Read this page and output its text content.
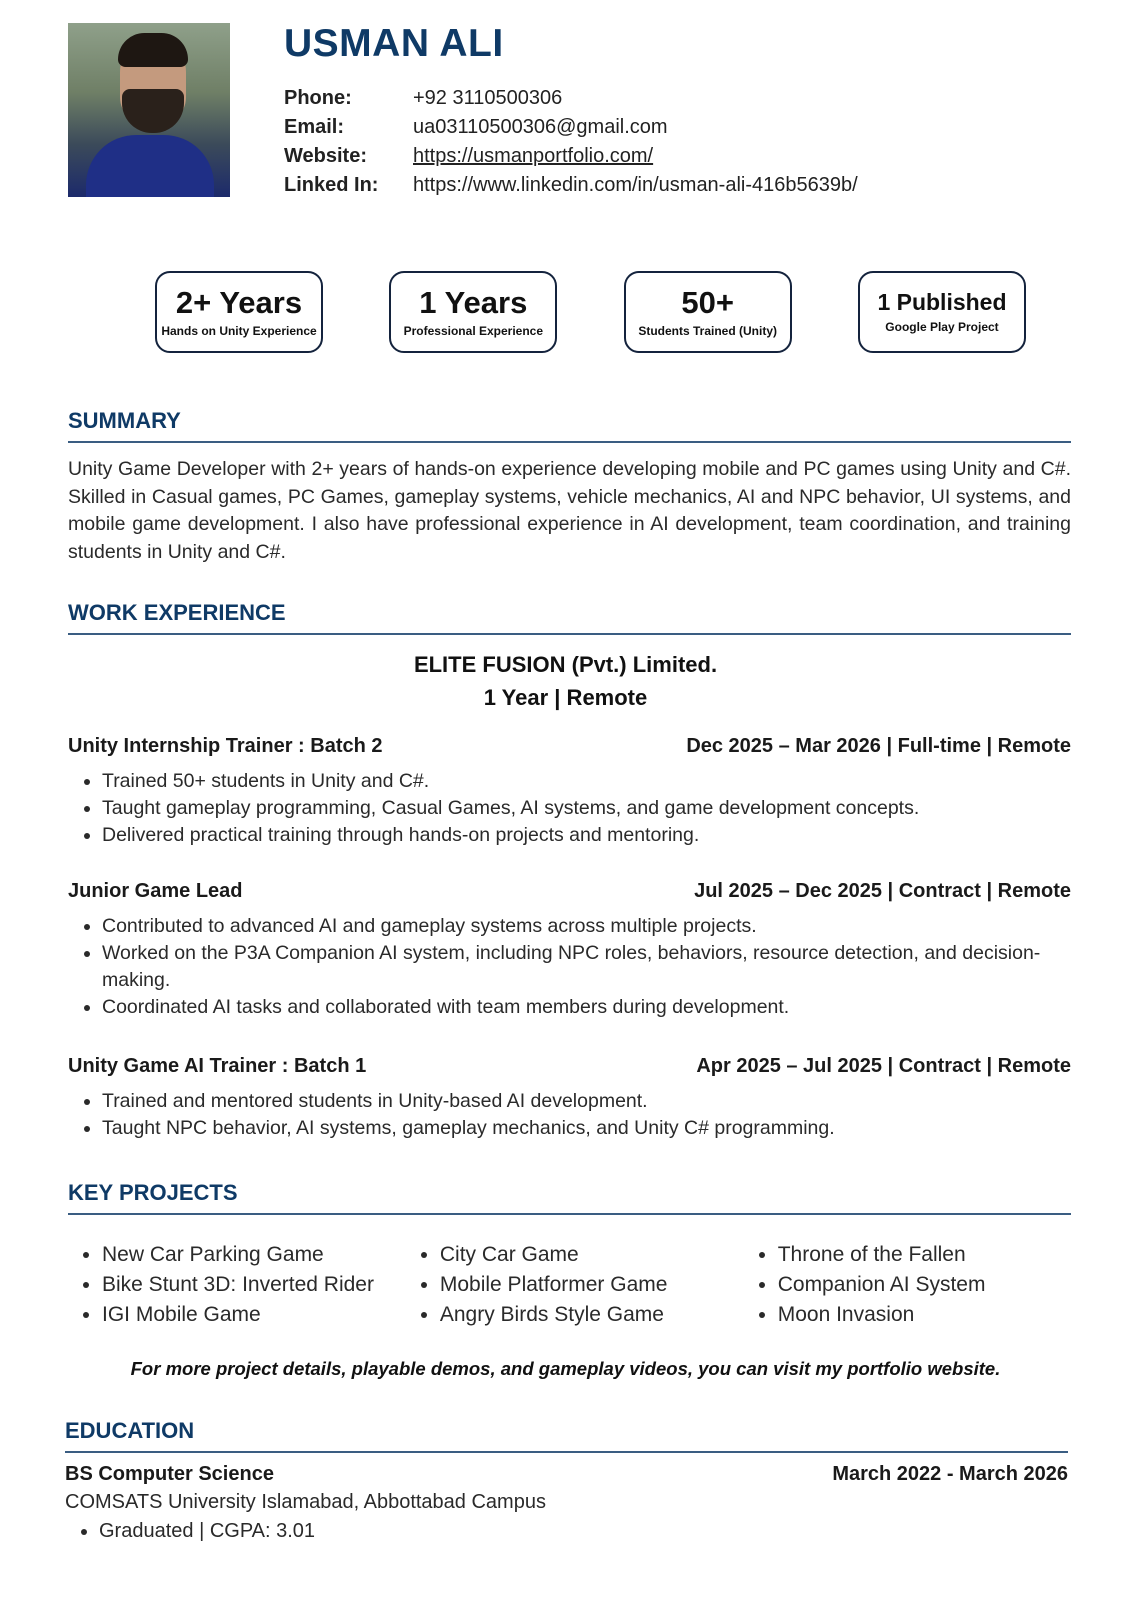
USMAN ALI
Phone:	+92 3110500306
Email:	ua03110500306@gmail.com
Website:	https://usmanportfolio.com/
Linked In:	https://www.linkedin.com/in/usman-ali-416b5639b/
2+ Years
Hands on Unity Experience
1 Years
Professional Experience
50+
Students Trained (Unity)
1 Published
Google Play Project
SUMMARY

Unity Game Developer with 2+ years of hands-on experience developing mobile and PC games using Unity and C#. Skilled in Casual games, PC Games, gameplay systems, vehicle mechanics, AI and NPC behavior, UI systems, and mobile game development. I also have professional experience in AI development, team coordination, and training students in Unity and C#.

WORK EXPERIENCE
ELITE FUSION (Pvt.) Limited.
1 Year | Remote
Unity Internship Trainer : Batch 2	Dec 2025 – Mar 2026 | Full-time | Remote
• Trained 50+ students in Unity and C#.
• Taught gameplay programming, Casual Games, AI systems, and game development concepts.
• Delivered practical training through hands-on projects and mentoring.
Junior Game Lead	Jul 2025 – Dec 2025 | Contract | Remote
• Contributed to advanced AI and gameplay systems across multiple projects.
• Worked on the P3A Companion AI system, including NPC roles, behaviors, resource detection, and decision-making.
• Coordinated AI tasks and collaborated with team members during development.
Unity Game AI Trainer : Batch 1	Apr 2025 – Jul 2025 | Contract | Remote
• Trained and mentored students in Unity-based AI development.
• Taught NPC behavior, AI systems, gameplay mechanics, and Unity C# programming.
KEY PROJECTS
• New Car Parking Game
• Bike Stunt 3D: Inverted Rider
• IGI Mobile Game
• City Car Game
• Mobile Platformer Game
• Angry Birds Style Game
• Throne of the Fallen
• Companion AI System
• Moon Invasion
For more project details, playable demos, and gameplay videos, you can visit my portfolio website.
EDUCATION
BS Computer Science	March 2022 - March 2026
COMSATS University Islamabad, Abbottabad Campus
• Graduated | CGPA: 3.01
